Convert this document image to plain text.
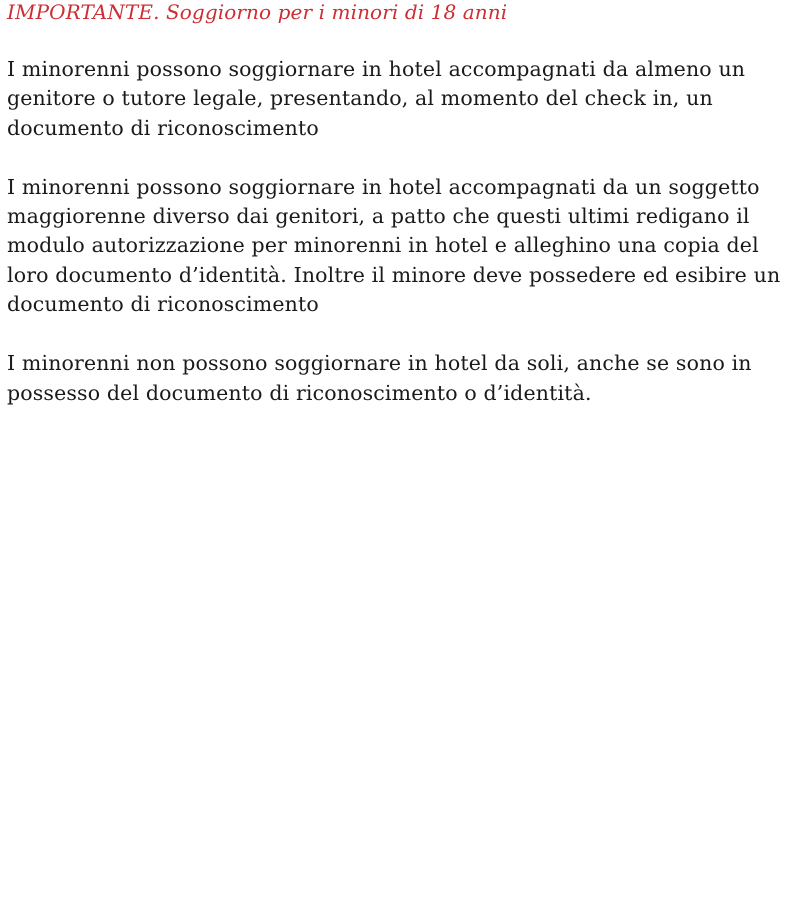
IMPORTANTE. Soggiorno per i minori di 18 anni

I minorenni possono soggiornare in hotel accompagnati da almeno un genitore o tutore legale, presentando, al momento del check in, un documento di riconoscimento

I minorenni possono soggiornare in hotel accompagnati da un soggetto maggiorenne diverso dai genitori, a patto che questi ultimi redigano il modulo autorizzazione per minorenni in hotel e alleghino una copia del loro documento d’identità. Inoltre il minore deve possedere ed esibire un documento di riconoscimento

I minorenni non possono soggiornare in hotel da soli, anche se sono in possesso del documento di riconoscimento o d’identità.
